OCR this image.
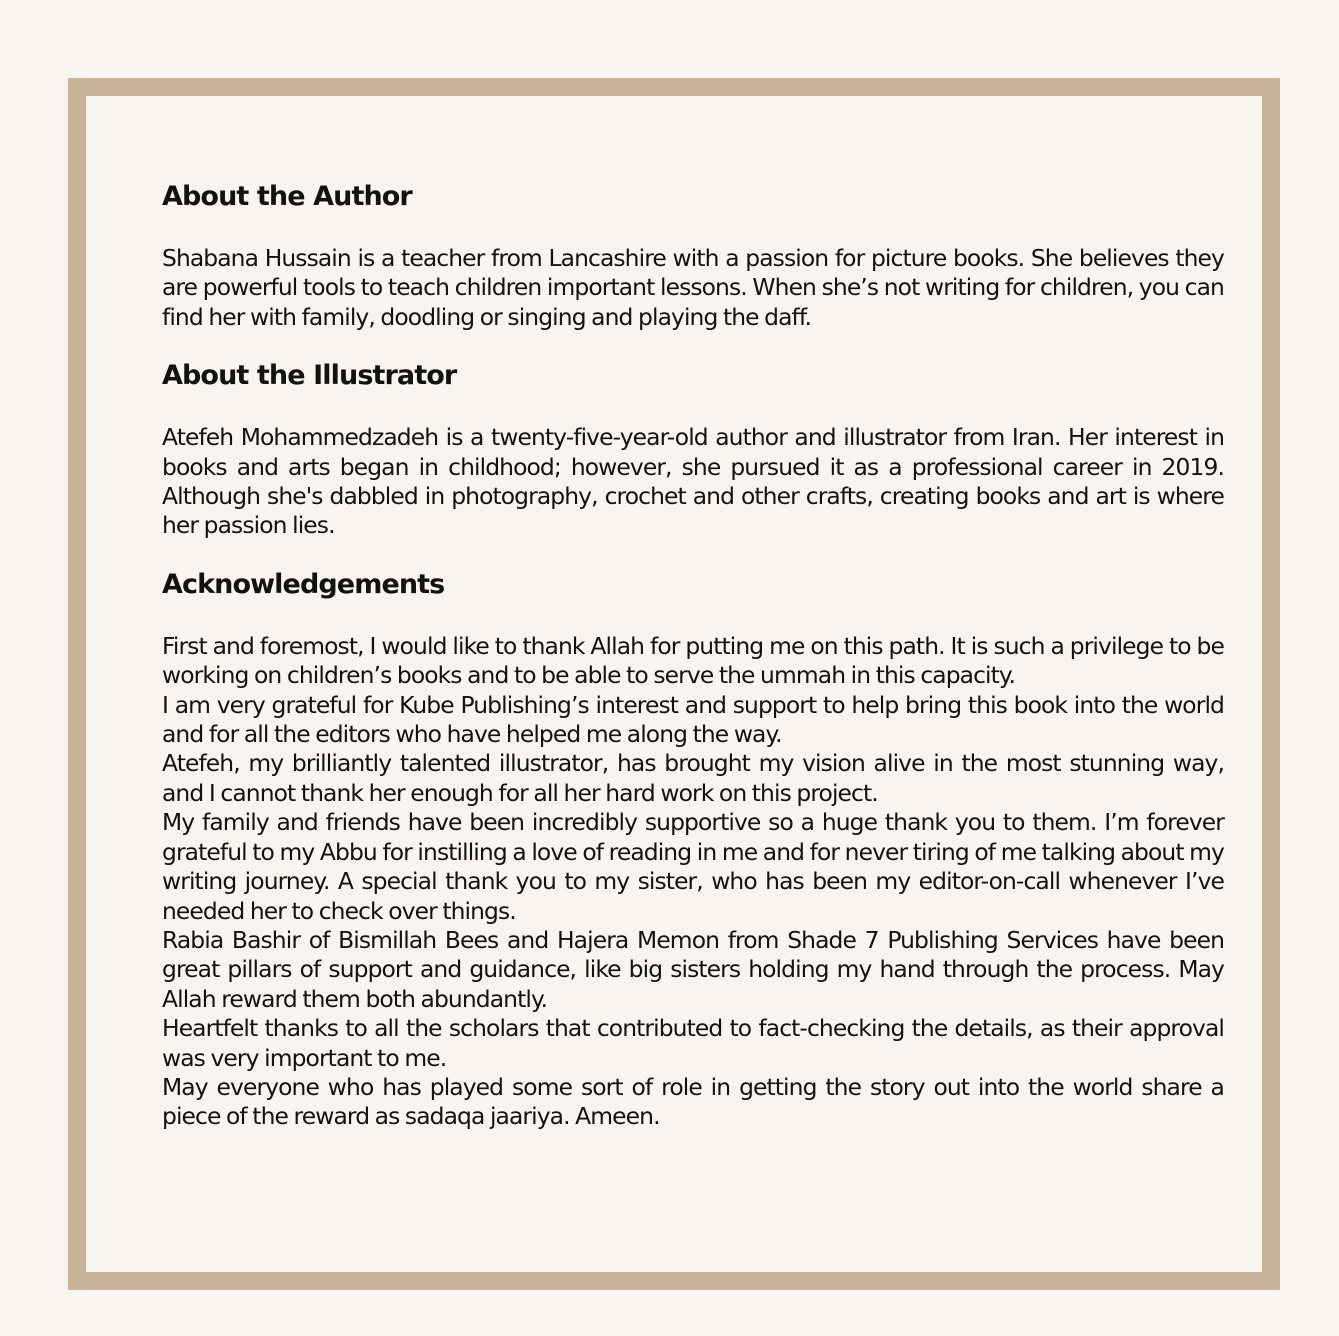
About the Author

Shabana Hussain is a teacher from Lancashire with a passion for picture books. She believes they are powerful tools to teach children important lessons. When she’s not writing for children, you can find her with family, doodling or singing and playing the daff.

About the Illustrator

Atefeh Mohammedzadeh is a twenty-five-year-old author and illustrator from Iran. Her interest in books and arts began in childhood; however, she pursued it as a professional career in 2019. Although she's dabbled in photography, crochet and other crafts, creating books and art is where her passion lies.

Acknowledgements

First and foremost, I would like to thank Allah for putting me on this path. It is such a privilege to be working on children’s books and to be able to serve the ummah in this capacity.

I am very grateful for Kube Publishing’s interest and support to help bring this book into the world and for all the editors who have helped me along the way.

Atefeh, my brilliantly talented illustrator, has brought my vision alive in the most stunning way, and I cannot thank her enough for all her hard work on this project.

My family and friends have been incredibly supportive so a huge thank you to them. I’m forever grateful to my Abbu for instilling a love of reading in me and for never tiring of me talking about my writing journey. A special thank you to my sister, who has been my editor-on-call whenever I’ve needed her to check over things.

Rabia Bashir of Bismillah Bees and Hajera Memon from Shade 7 Publishing Services have been great pillars of support and guidance, like big sisters holding my hand through the process. May Allah reward them both abundantly.

Heartfelt thanks to all the scholars that contributed to fact-checking the details, as their approval was very important to me.

May everyone who has played some sort of role in getting the story out into the world share a piece of the reward as sadaqa jaariya. Ameen.
